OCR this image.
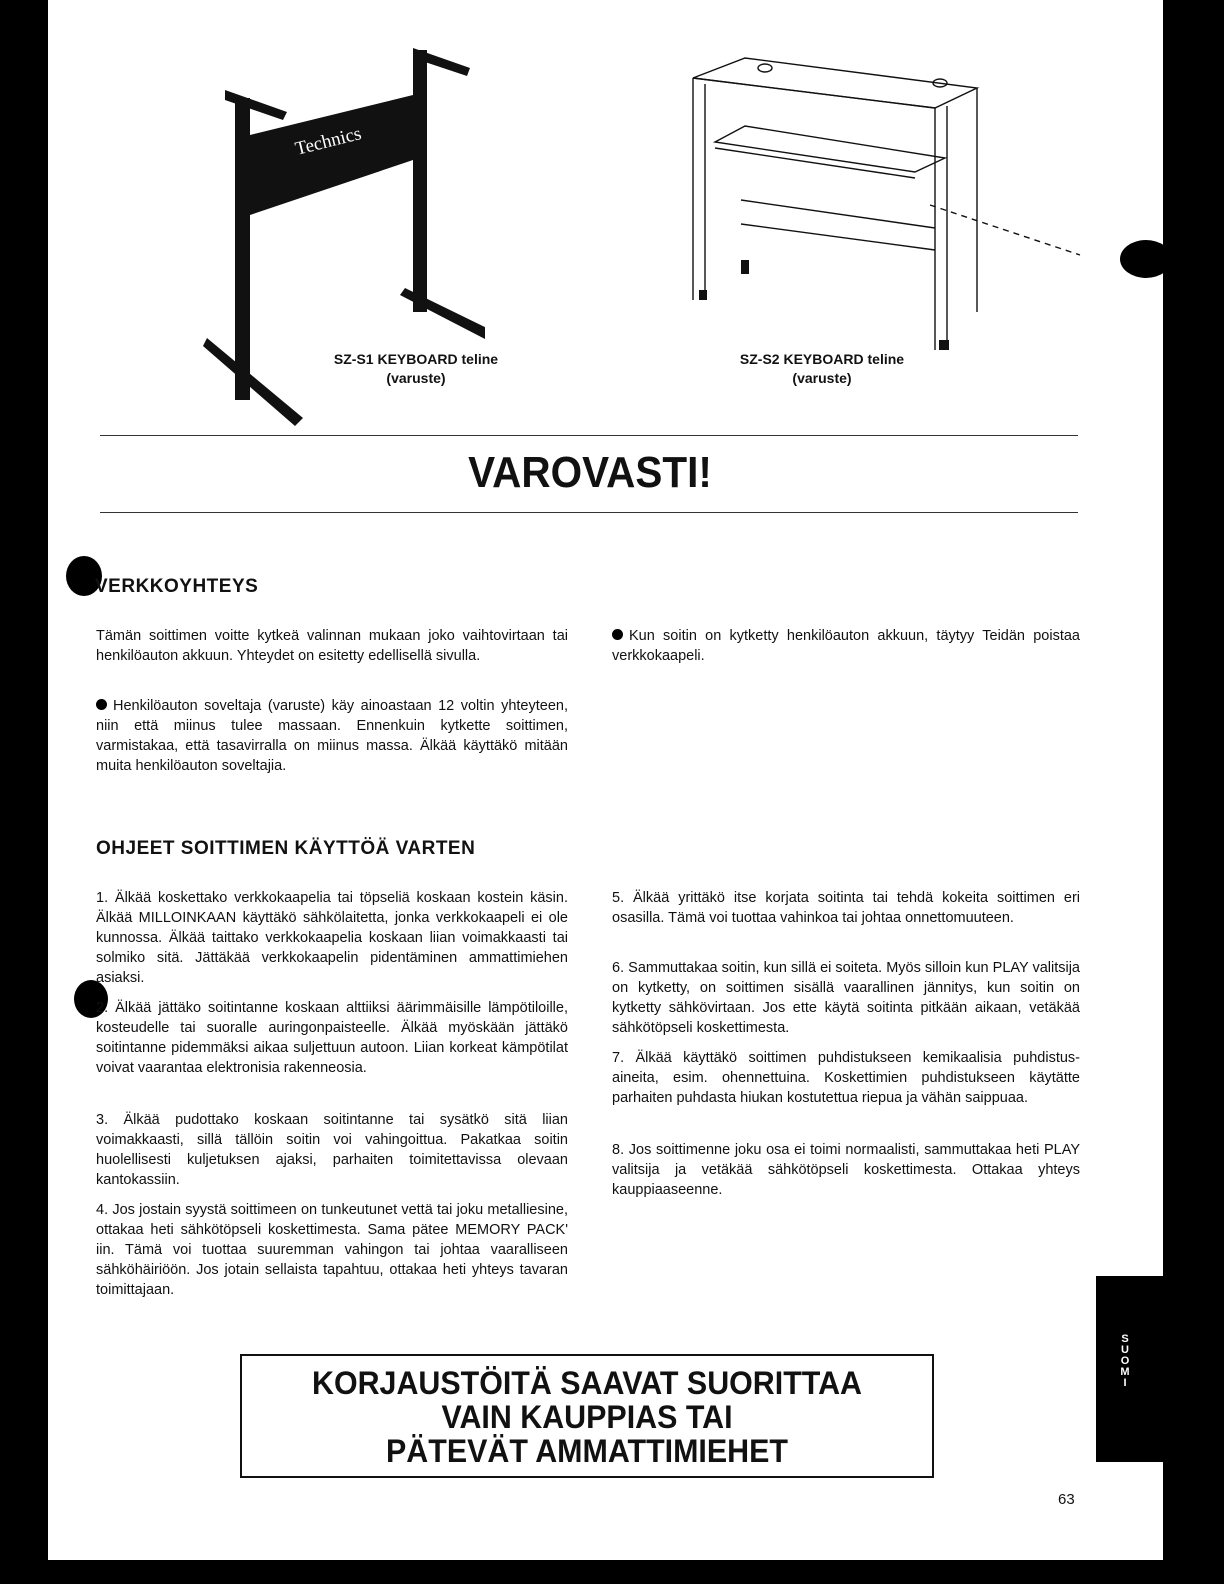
Technics
SZ-S1 KEYBOARD teline
(varuste)
SZ-S2 KEYBOARD teline
(varuste)
VAROVASTI!
VERKKOYHTEYS

Tämän soittimen voitte kytkeä valinnan mukaan joko vaihtovirtaan tai henkilöauton akkuun. Yhteydet on esitetty edellisellä sivulla.

Henkilöauton soveltaja (varuste) käy ainoastaan 12 voltin yhteyteen, niin että miinus tulee massaan. Ennenkuin kytkette soittimen, varmistakaa, että tasavirralla on miinus massa. Älkää käyttäkö mitään muita henkilöauton soveltajia.

Kun soitin on kytketty henkilöauton akkuun, täytyy Teidän poistaa verkkokaapeli.

OHJEET SOITTIMEN KÄYTTÖÄ VARTEN

1. Älkää koskettako verkkokaapelia tai töpseliä koskaan kostein käsin. Älkää MILLOINKAAN käyttäkö sähkölaitetta, jonka verkkokaapeli ei ole kunnossa. Älkää taittako verkkokaapelia koskaan liian voimakkaasti tai solmiko sitä. Jättäkää verkkokaapelin pidentäminen ammattimiehen asiaksi.

2. Älkää jättäko soitintanne koskaan alttiiksi äärimmäisille lämpötiloille, kosteudelle tai suoralle auringonpaisteelle. Älkää myöskään jättäkö soitintanne pidemmäksi aikaa suljettuun autoon. Liian korkeat kämpötilat voivat vaarantaa elektronisia rakenneosia.

3. Älkää pudottako koskaan soitintanne tai sysätkö sitä liian voimakkaasti, sillä tällöin soitin voi vahingoittua. Pakatkaa soitin huolellisesti kuljetuksen ajaksi, parhaiten toimitettavissa olevaan kantokassiin.

4. Jos jostain syystä soittimeen on tunkeutunet vettä tai joku metalliesine, ottakaa heti sähkötöpseli koskettimesta. Sama pätee MEMORY PACK' iin. Tämä voi tuottaa suuremman vahingon tai johtaa vaaralliseen sähköhäiriöön. Jos jotain sellaista tapahtuu, ottakaa heti yhteys tavaran toimittajaan.

5. Älkää yrittäkö itse korjata soitinta tai tehdä kokeita soittimen eri osasilla. Tämä voi tuottaa vahinkoa tai johtaa onnettomuuteen.

6. Sammuttakaa soitin, kun sillä ei soiteta. Myös silloin kun PLAY valitsija on kytketty, on soittimen sisällä vaarallinen jännitys, kun soitin on kytketty sähkövirtaan. Jos ette käytä soitinta pitkään aikaan, vetäkää sähkötöpseli koskettimesta.

7. Älkää käyttäkö soittimen puhdistukseen kemikaalisia puhdistus-aineita, esim. ohennettuina. Koskettimien puhdistukseen käytätte parhaiten puhdasta hiukan kostutettua riepua ja vähän saippuaa.

8. Jos soittimenne joku osa ei toimi normaalisti, sammuttakaa heti PLAY valitsija ja vetäkää sähkötöpseli koskettimesta. Ottakaa yhteys kauppiaaseenne.

KORJAUSTÖITÄ SAAVAT SUORITTAA
VAIN KAUPPIAS TAI
PÄTEVÄT AMMATTIMIEHET
SUOMI
63
